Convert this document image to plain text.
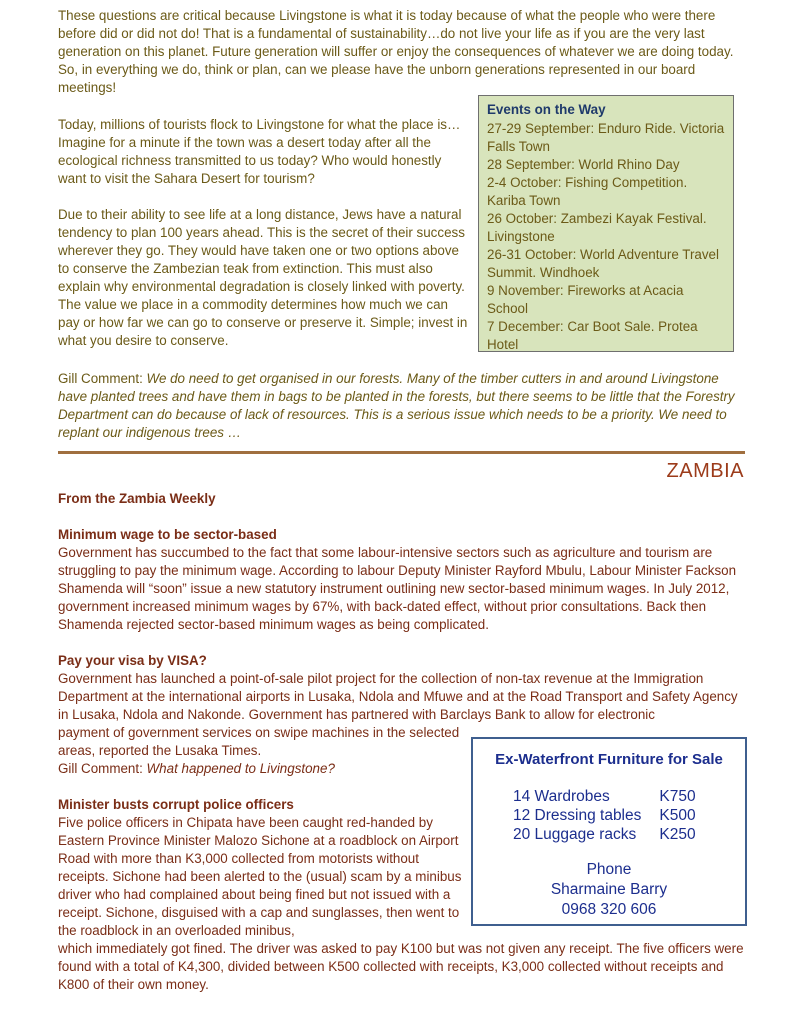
These questions are critical because Livingstone is what it is today because of what the people who were there before did or did not do! That is a fundamental of sustainability…do not live your life as if you are the very last generation on this planet. Future generation will suffer or enjoy the consequences of whatever we are doing today. So, in everything we do, think or plan, can we please have the unborn generations represented in our board meetings!

Today, millions of tourists flock to Livingstone for what the place is…Imagine for a minute if the town was a desert today after all the ecological richness transmitted to us today? Who would honestly want to visit the Sahara Desert for tourism?

Due to their ability to see life at a long distance, Jews have a natural tendency to plan 100 years ahead. This is the secret of their success wherever they go. They would have taken one or two options above to conserve the Zambezian teak from extinction. This must also explain why environmental degradation is closely linked with poverty. The value we place in a commodity determines how much we can pay or how far we can go to conserve or preserve it. Simple; invest in what you desire to conserve.

Events on the Way
27-29 September: Enduro Ride. Victoria Falls Town
28 September: World Rhino Day
2-4 October: Fishing Competition. Kariba Town
26 October: Zambezi Kayak Festival. Livingstone
26-31 October: World Adventure Travel Summit. Windhoek
9 November: Fireworks at Acacia School
7 December: Car Boot Sale. Protea Hotel

Gill Comment: We do need to get organised in our forests. Many of the timber cutters in and around Livingstone have planted trees and have them in bags to be planted in the forests, but there seems to be little that the Forestry Department can do because of lack of resources. This is a serious issue which needs to be a priority. We need to replant our indigenous trees …

ZAMBIA
From the Zambia Weekly
Minimum wage to be sector-based

Government has succumbed to the fact that some labour-intensive sectors such as agriculture and tourism are struggling to pay the minimum wage. According to labour Deputy Minister Rayford Mbulu, Labour Minister Fackson Shamenda will “soon” issue a new statutory instrument outlining new sector-based minimum wages. In July 2012, government increased minimum wages by 67%, with back-dated effect, without prior consultations. Back then Shamenda rejected sector-based minimum wages as being complicated.

Pay your visa by VISA?

Government has launched a point-of-sale pilot project for the collection of non-tax revenue at the Immigration Department at the international airports in Lusaka, Ndola and Mfuwe and at the Road Transport and Safety Agency in Lusaka, Ndola and Nakonde. Government has partnered with Barclays Bank to allow for electronic

payment of government services on swipe machines in the selected areas, reported the Lusaka Times.

Gill Comment: What happened to Livingstone?

Minister busts corrupt police officers

Five police officers in Chipata have been caught red-handed by Eastern Province Minister Malozo Sichone at a roadblock on Airport Road with more than K3,000 collected from motorists without receipts. Sichone had been alerted to the (usual) scam by a minibus driver who had complained about being fined but not issued with a receipt. Sichone, disguised with a cap and sunglasses, then went to the roadblock in an overloaded minibus,

which immediately got fined. The driver was asked to pay K100 but was not given any receipt. The five officers were found with a total of K4,300, divided between K500 collected with receipts, K3,000 collected without receipts and K800 of their own money.

Ex-Waterfront Furniture for Sale
14 Wardrobes	K750
12 Dressing tables	K500
20 Luggage racks	K250
Phone
Sharmaine Barry
0968 320 606
